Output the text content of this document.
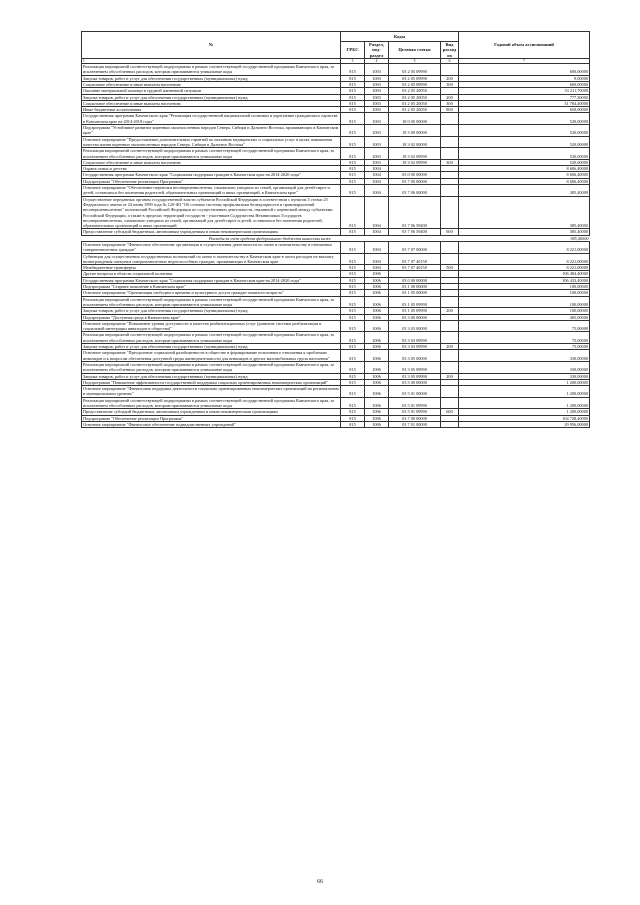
№	Коды				Годовой объем ассигнований
	ГРБС	Раздел, под-раздел	Целевая статья	Вид расходов	
1	3	4	5	6	7
Реализация мероприятий соответствующей подпрограммы в рамках соответствующей государственной программы Камчатского края, за исключением обособленных расходов, которым присваиваются уникальные коды	815	1003	03 2 05 09990		600,00000
Закупка товаров, работ и услуг для обеспечения государственных (муниципальных) нужд	815	1003	03 2 05 09990	200	9,00000
Социальное обеспечение и иные выплаты населению	815	1003	03 2 05 09990	300	600,00000
Оказание материальной помощи в трудной жизненной ситуации	815	1003	03 2 05 20050		33 211,70000
Закупка товаров, работ и услуг для обеспечения государственных (муниципальных) нужд	815	1003	03 2 05 20050	200	777,30000
Социальное обеспечение и иные выплаты населению	815	1003	03 2 05 20050	300	31 784,40000
Иные бюджетные ассигнования	815	1003	03 2 05 20050	800	650,00000
Государственная программа Камчатского края "Реализация государственной национальной политики и укрепление гражданского единства в Камчатском крае на 2014-2018 годы"	815	1003	18 0 00 00000		520,00000
Подпрограмма "Устойчивое развитие коренных малочисленных народов Севера, Сибири и Дальнего Востока, проживающих в Камчатском крае"	815	1003	18 3 00 00000		520,00000
Основное мероприятие "Предоставление дополнительных гарантий по оказанию медицинских и социальных услуг в целях повышения качества жизни коренных малочисленных народов Севера, Сибири и Дальнего Востока"	815	1003	18 3 02 00000		520,00000
Реализация мероприятий соответствующей подпрограммы в рамках соответствующей государственной программы Камчатского края, за исключением обособленных расходов, которым присваиваются уникальные коды	815	1003	18 3 02 09990		520,00000
Социальное обеспечение и иные выплаты населению	815	1003	18 3 02 09990	300	520,00000
Охрана семьи и детства	815	1004			8 606,40000
Государственная программа Камчатского края "Социальная поддержка граждан в Камчатском крае на 2014-2020 годы"	815	1004	03 0 00 00000		8 606,40000
Подпрограмма "Обеспечение реализации Программы"	815	1004	03 7 00 00000		8 606,40000
Основное мероприятие "Обеспечение перевозки несовершеннолетних, самовольно ушедших из семей, организаций для детей-сирот и детей, оставшихся без попечения родителей, образовательных организаций и иных организаций, в Камчатском крае"	815	1004	03 7 06 00000		385,40000
Осуществление переданных органам государственной власти субъектов Российской Федерации в соответствии с пунктом 3 статьи 25 Федерального закона от 24 июня 1999 года № 120-ФЗ "Об основах системы профилактики безнадзорности и правонарушений несовершеннолетних" полномочий Российской Федерации по осуществлению деятельности, связанной с перевозкой между субъектами Российской Федерации, а также в пределах территорий государств - участников Содружества Независимых Государств несовершеннолетних, самовольно ушедших из семей, организаций для детей-сирот и детей, оставшихся без попечения родителей, образовательных организаций и иных организаций	815	1004	03 7 06 59400		385,40000
Предоставление субсидий бюджетным, автономным учреждениям и иным некоммерческим организациям	815	1004	03 7 06 59400	600	385,40000
Расходы за счет средств федерального бюджета вынесены ниже					385,40000
Основное мероприятие "Финансовое обеспечение организации и осуществления деятельности по опеке и попечительству в отношении совершеннолетних граждан"	815	1004	03 7 07 00000		8 221,00000
Субвенции для осуществления государственных полномочий по опеке и попечительству в Камчатском крае в части расходов на выплату вознаграждения опекунам совершеннолетних недееспособных граждан, проживающих в Камчатском крае	815	1004	03 7 07 40150		8 221,00000
Межбюджетные трансферты	815	1004	03 7 07 40150	500	8 221,00000
Другие вопросы в области социальной политики	815	1006			106 484,40000
Государственная программа Камчатского края "Социальная поддержка граждан в Камчатском крае на 2014-2020 годы"	815	1006	03 0 00 00000		106 433,40000
Подпрограмма "Старшее поколение в Камчатском крае"	815	1006	03 1 00 00000		100,00000
Основное мероприятие "Организация свободного времени и культурного досуга граждан пожилого возраста"	815	1006	03 1 05 00000		100,00000
Реализация мероприятий соответствующей подпрограммы в рамках соответствующей государственной программы Камчатского края, за исключением обособленных расходов, которым присваиваются уникальные коды	815	1006	03 1 05 09990		100,00000
Закупка товаров, работ и услуг для обеспечения государственных (муниципальных) нужд	815	1006	03 1 05 09990	200	100,00000
Подпрограмма "Доступная среда в Камчатском крае"	815	1006	03 3 00 00000		405,00000
Основное мероприятие "Повышение уровня доступности и качества реабилитационных услуг (развитие системы реабилитации и социальной интеграции инвалидов и общества)"	815	1006	03 3 03 00000		75,00000
Реализация мероприятий соответствующей подпрограммы в рамках соответствующей государственной программы Камчатского края, за исключением обособленных расходов, которым присваиваются уникальные коды	815	1006	03 3 03 09990		75,00000
Закупка товаров, работ и услуг для обеспечения государственных (муниципальных) нужд	815	1006	03 3 03 09990	200	75,00000
Основное мероприятие "Преодоление социальной разобщенности в обществе и формирование позитивного отношения к проблемам инвалидов и к вопросам обеспечения доступной среды жизнедеятельности для инвалидов и других маломобильных групп населения"	815	1006	03 3 05 00000		330,00000
Реализация мероприятий соответствующей подпрограммы в рамках соответствующей государственной программы Камчатского края, за исключением обособленных расходов, которым присваиваются уникальные коды	815	1006	03 3 05 09990		330,00000
Закупка товаров, работ и услуг для обеспечения государственных (муниципальных) нужд	815	1006	03 3 05 09990	200	330,00000
Подпрограмма "Повышение эффективности государственной поддержки социально ориентированных некоммерческих организаций"	815	1006	03 5 00 00000		1 200,00000
Основное мероприятие "Финансовая поддержка деятельности социально ориентированных некоммерческих организаций на региональном и муниципальном уровнях"	815	1006	03 5 01 00000		1 200,00000
Реализация мероприятий соответствующей подпрограммы в рамках соответствующей государственной программы Камчатского края, за исключением обособленных расходов, которым присваиваются уникальные коды	815	1006	03 5 01 09990		1 200,00000
Предоставление субсидий бюджетным, автономным учреждениям и иным некоммерческим организациям	815	1006	03 5 01 09990	600	1 200,00000
Подпрограмма "Обеспечение реализации Программы"	815	1006	03 7 00 00000		104 728,40000
Основное мероприятие "Финансовое обеспечение подведомственных учреждений"	815	1006	03 7 01 00000		29 956,00000
66
